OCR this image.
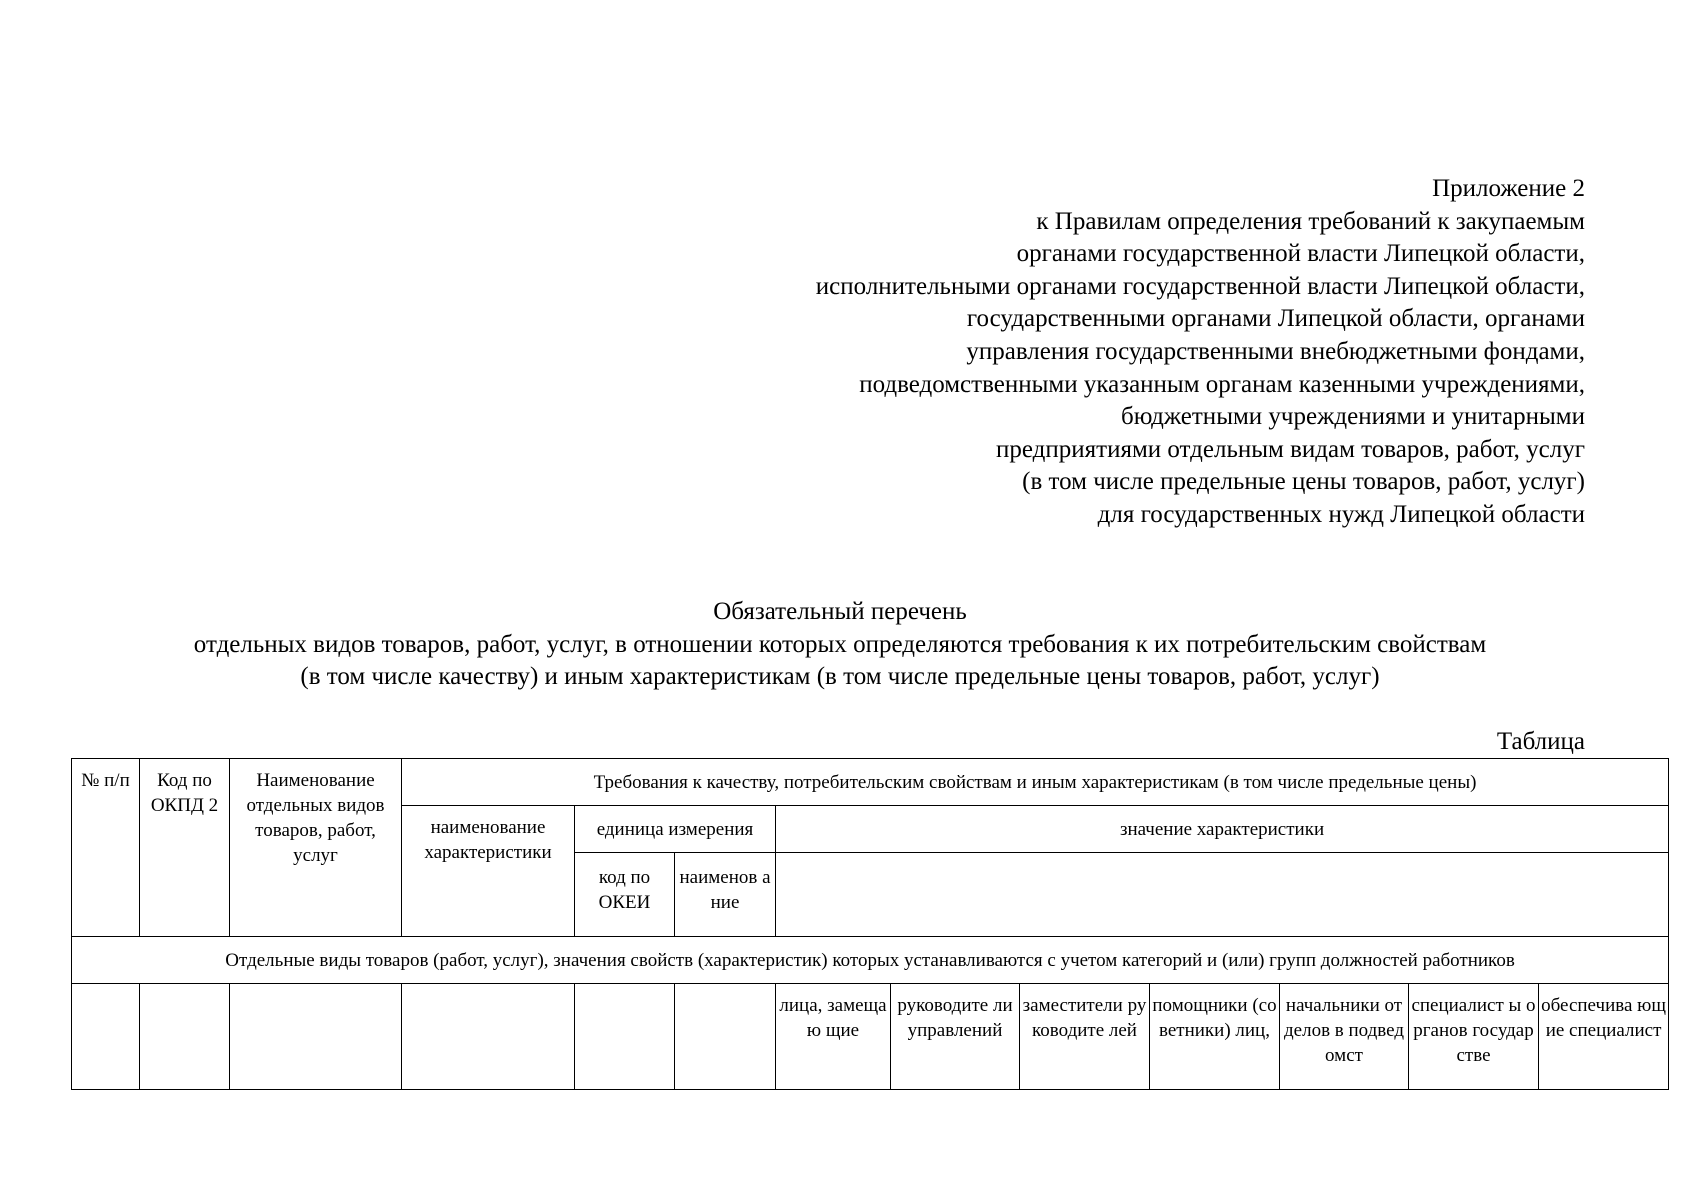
Приложение 2
к Правилам определения требований к закупаемым
органами государственной власти Липецкой области,
исполнительными органами государственной власти Липецкой области,
государственными органами Липецкой области, органами
управления государственными внебюджетными фондами,
подведомственными указанным органам казенными учреждениями,
бюджетными учреждениями и унитарными
предприятиями отдельным видам товаров, работ, услуг
(в том числе предельные цены товаров, работ, услуг)
для государственных нужд Липецкой области
Обязательный перечень
отдельных видов товаров, работ, услуг, в отношении которых определяются требования к их потребительским свойствам
(в том числе качеству) и иным характеристикам (в том числе предельные цены товаров, работ, услуг)
Таблица
№ п/п	Код по ОКПД 2	Наименование отдельных видов товаров, работ, услуг	Требования к качеству, потребительским свойствам и иным характеристикам (в том числе предельные цены)									
			наименование характеристики	единица измерения		значение характеристики						
				код по ОКЕИ	наименов ание							
Отдельные виды товаров (работ, услуг), значения свойств (характеристик) которых устанавливаются с учетом категорий и (или) групп должностей работников												
						лица, замещаю щие	руководите ли управлений	заместители руководите лей	помощники (советники) лиц,	начальники отделов в подведомст	специалист ы органов государстве	обеспечива ющие специалист
